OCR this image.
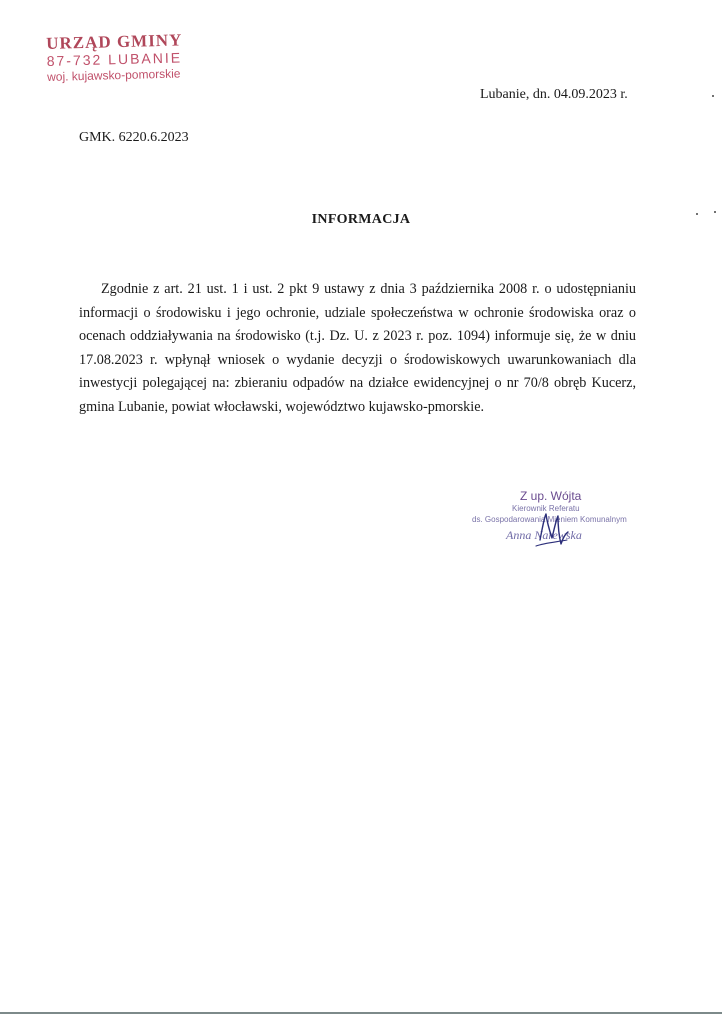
URZĄD GMINY
87-732 LUBANIE
woj. kujawsko-pomorskie
Lubanie, dn. 04.09.2023 r.
GMK. 6220.6.2023
INFORMACJA
Zgodnie z art. 21 ust. 1 i ust. 2 pkt 9 ustawy z dnia 3 października 2008 r. o udostępnianiu informacji o środowisku i jego ochronie, udziale społeczeństwa w ochronie środowiska oraz o ocenach oddziaływania na środowisko (t.j. Dz. U. z 2023 r. poz. 1094) informuje się, że w dniu 17.08.2023 r. wpłynął wniosek o wydanie decyzji o środowiskowych uwarunkowaniach dla inwestycji polegającej na: zbieraniu odpadów na działce ewidencyjnej o nr 70/8 obręb Kucerz, gmina Lubanie, powiat włocławski, województwo kujawsko-pmorskie.
Z up. Wójta
Kierownik Referatu
ds. Gospodarowania Mieniem Komunalnym
Anna Narewska
